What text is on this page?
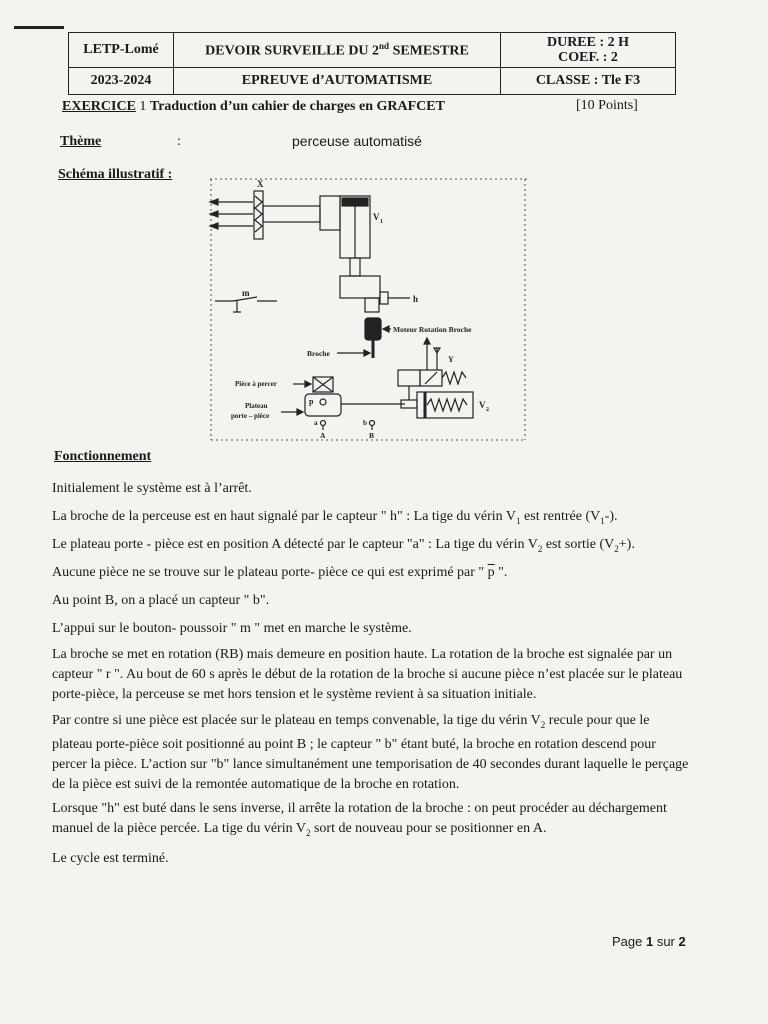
LETP-Lomé	DEVOIR SURVEILLE DU 2nd SEMESTRE	DUREE : 2 H
COEF. : 2

2023-2024	EPREUVE d’AUTOMATISME	CLASSE : Tle F3
EXERCICE 1 Traduction d’un cahier de charges en GRAFCET	[10 Points]
Thème	:	perceuse automatisé
Schéma illustratif :
X
V 1
h
Moteur Rotation Broche
Broche
m
Y
Pièce à percer
Plateau
porte – pièce
p
a
A
b
B
V 2
Fonctionnement

Initialement le système est à l’arrêt.

La broche de la perceuse est en haut signalé par le capteur " h" : La tige du vérin $V_1$ est rentrée $(V_1-)$.

Le plateau porte - pièce est en position A détecté par le capteur "a" : La tige du vérin $V_2$ est sortie $(V_2+)$.

Aucune pièce ne se trouve sur le plateau porte- pièce ce qui est exprimé par " $\overline{p}$ ".

Au point B, on a placé un capteur " b".

L’appui sur le bouton- poussoir " m " met en marche le système.

La broche se met en rotation (RB) mais demeure en position haute. La rotation de la broche est signalée par un capteur " r ". Au bout de 60 s après le début de la rotation de la broche si aucune pièce n’est placée sur le plateau porte-pièce, la perceuse se met hors tension et le système revient à sa situation initiale.

Par contre si une pièce est placée sur le plateau en temps convenable, la tige du vérin $V_2$ recule pour que le plateau porte-pièce soit positionné au point B ; le capteur " b" étant buté, la broche en rotation descend pour percer la pièce. L’action sur "b" lance simultanément une temporisation de 40 secondes durant laquelle le perçage de la pièce est suivi de la remontée automatique de la broche en rotation.

Lorsque "h" est buté dans le sens inverse, il arrête la rotation de la broche : on peut procéder au déchargement manuel de la pièce percée. La tige du vérin $V_2$ sort de nouveau pour se positionner en A.

Le cycle est terminé.

Page 1 sur 2
